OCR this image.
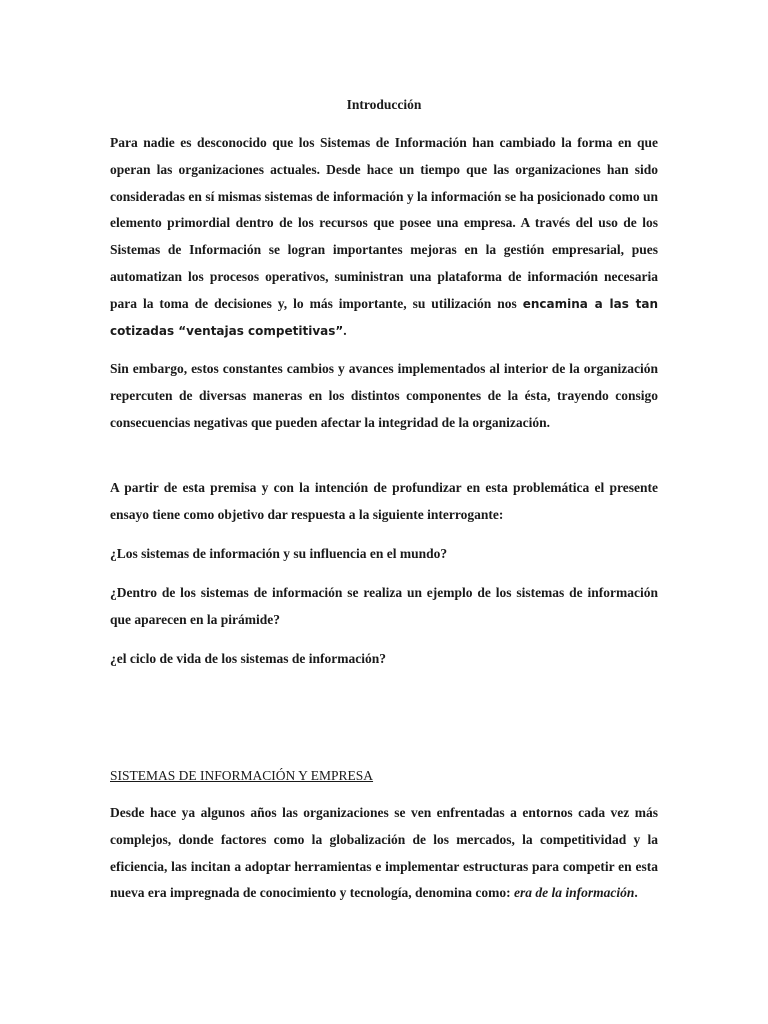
Introducción

Para nadie es desconocido que los Sistemas de Información han cambiado la forma en que operan las organizaciones actuales. Desde hace un tiempo que las organizaciones han sido consideradas en sí mismas sistemas de información y la información se ha posicionado como un elemento primordial dentro de los recursos que posee una empresa. A través del uso de los Sistemas de Información se logran importantes mejoras en la gestión empresarial, pues automatizan los procesos operativos, suministran una plataforma de información necesaria para la toma de decisiones y, lo más importante, su utilización nos encamina a las tan cotizadas “ventajas competitivas”.

Sin embargo, estos constantes cambios y avances implementados al interior de la organización repercuten de diversas maneras en los distintos componentes de la ésta, trayendo consigo consecuencias negativas que pueden afectar la integridad de la organización.

A partir de esta premisa y con la intención de profundizar en esta problemática el presente ensayo tiene como objetivo dar respuesta a la siguiente interrogante:

¿Los sistemas de información y su influencia en el mundo?

¿Dentro de los sistemas de información se realiza un ejemplo de los sistemas de información que aparecen en la pirámide?

¿el ciclo de vida de los sistemas de información?

SISTEMAS DE INFORMACIÓN Y EMPRESA

Desde hace ya algunos años las organizaciones se ven enfrentadas a entornos cada vez más complejos, donde factores como la globalización de los mercados, la competitividad y la eficiencia, las incitan a adoptar herramientas e implementar estructuras para competir en esta nueva era impregnada de conocimiento y tecnología, denomina como: era de la información.
